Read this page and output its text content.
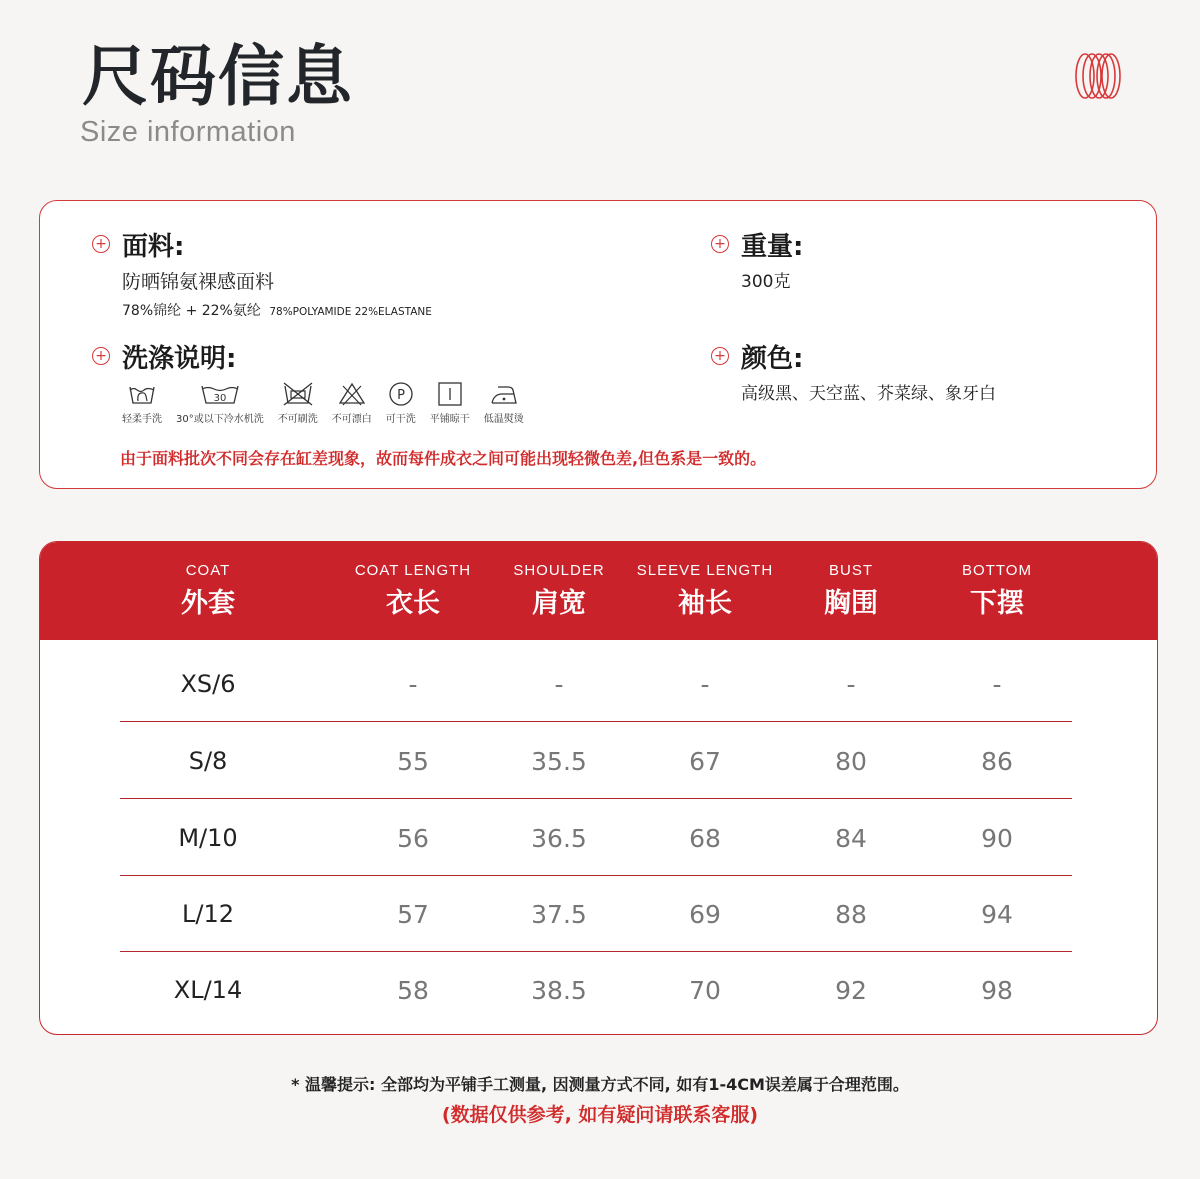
尺码信息
Size information
+ 面料:
防晒锦氨裸感面料
78%锦纶 + 22%氨纶 78%POLYAMIDE 22%ELASTANE
+ 重量:
300克
+ 洗涤说明:
轻柔手洗
30
30°或以下冷水机洗 不可刷洗 不可漂白
P
可干洗 平铺晾干 低温熨烫
+ 颜色:
高级黑、天空蓝、芥菜绿、象牙白
由于面料批次不同会存在缸差现象，故而每件成衣之间可能出现轻微色差,但色系是一致的。
COAT
外套
COAT LENGTH
衣长
SHOULDER
肩宽
SLEEVE LENGTH
袖长
BUST
胸围
BOTTOM
下摆
XS/6	-	-	-	-	-
S/8	55	35.5	67	80	86
M/10	56	36.5	68	84	90
L/12	57	37.5	69	88	94
XL/14	58	38.5	70	92	98
* 温馨提示: 全部均为平铺手工测量, 因测量方式不同, 如有1-4CM误差属于合理范围。
(数据仅供参考, 如有疑问请联系客服)
